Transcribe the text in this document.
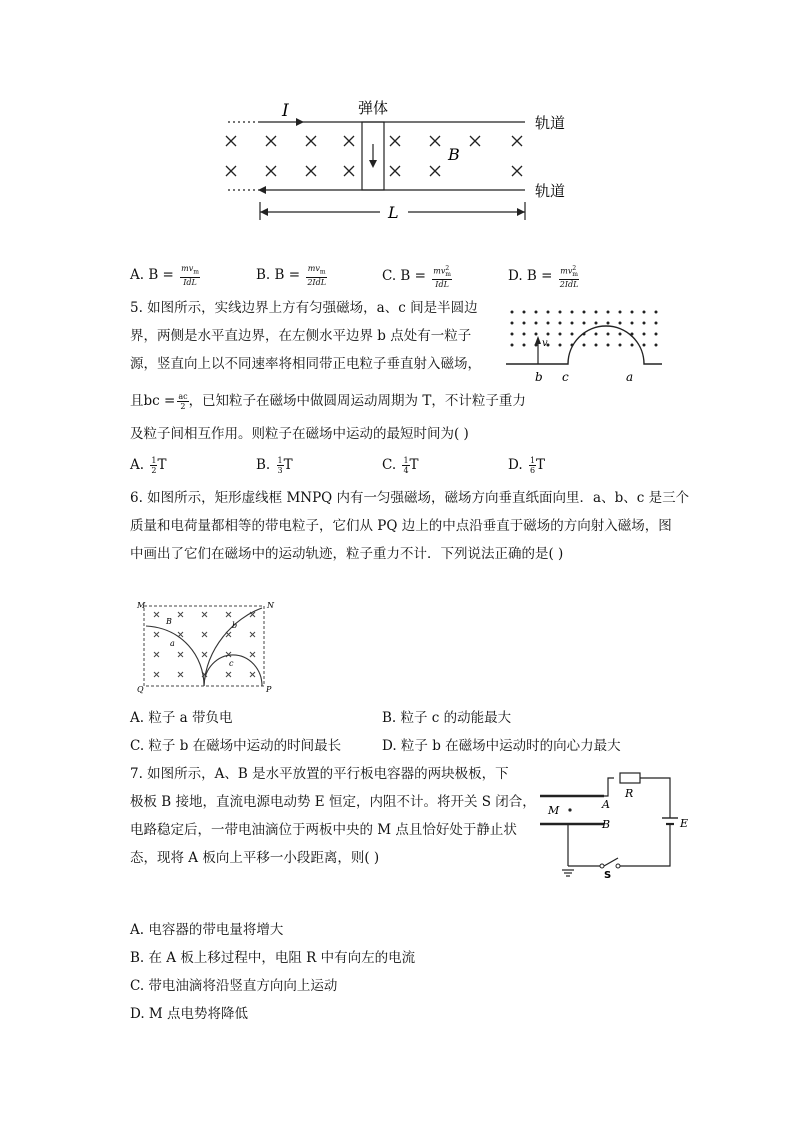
I	弹体
B
L
轨道
轨道
A. $B = \frac{mv_m}{\text{IdL}}$	B. $B = \frac{mv_m}{\text{2IdL}}$	C. $B = \frac{mv^2_m}{\text{IdL}}$	D. $B = \frac{mv^2_m}{\text{2IdL}}$
5. 如图所示，实线边界上方有匀强磁场，a、c 间是半圆边
界，两侧是水平直边界，在左侧水平边界 b 点处有一粒子
源，竖直向上以不同速率将相同带正电粒子垂直射入磁场，
且bc = $\frac{ac}{2}$ ，已知粒子在磁场中做圆周运动周期为 T，不计粒子重力
及粒子间相互作用。则粒子在磁场中运动的最短时间为( )
A. $\frac{1}{2}$ T	B. $\frac{1}{3}$ T	C. $\frac{1}{4}$ T	D. $\frac{1}{6}$ T
v
b c	a
6. 如图所示，矩形虚线框 MNPQ 内有一匀强磁场，磁场方向垂直纸面向里．a、b、c 是三个
质量和电荷量都相等的带电粒子，它们从 PQ 边上的中点沿垂直于磁场的方向射入磁场，图
中画出了它们在磁场中的运动轨迹，粒子重力不计．下列说法正确的是( )
M	N
P
Q
B
a
b
c
A. 粒子 a 带负电	B. 粒子 c 的动能最大
C. 粒子 b 在磁场中运动的时间最长	D. 粒子 b 在磁场中运动时的向心力最大
7. 如图所示，A、B 是水平放置的平行板电容器的两块极板，下
极板 B 接地，直流电源电动势 E 恒定，内阻不计。将开关 S 闭合，
电路稳定后，一带电油滴位于两板中央的 M 点且恰好处于静止状
态，现将 A 板向上平移一小段距离，则( )
R
A
B
M
E
S
A. 电容器的带电量将增大
B. 在 A 板上移过程中，电阻 R 中有向左的电流
C. 带电油滴将沿竖直方向向上运动
D. M 点电势将降低
